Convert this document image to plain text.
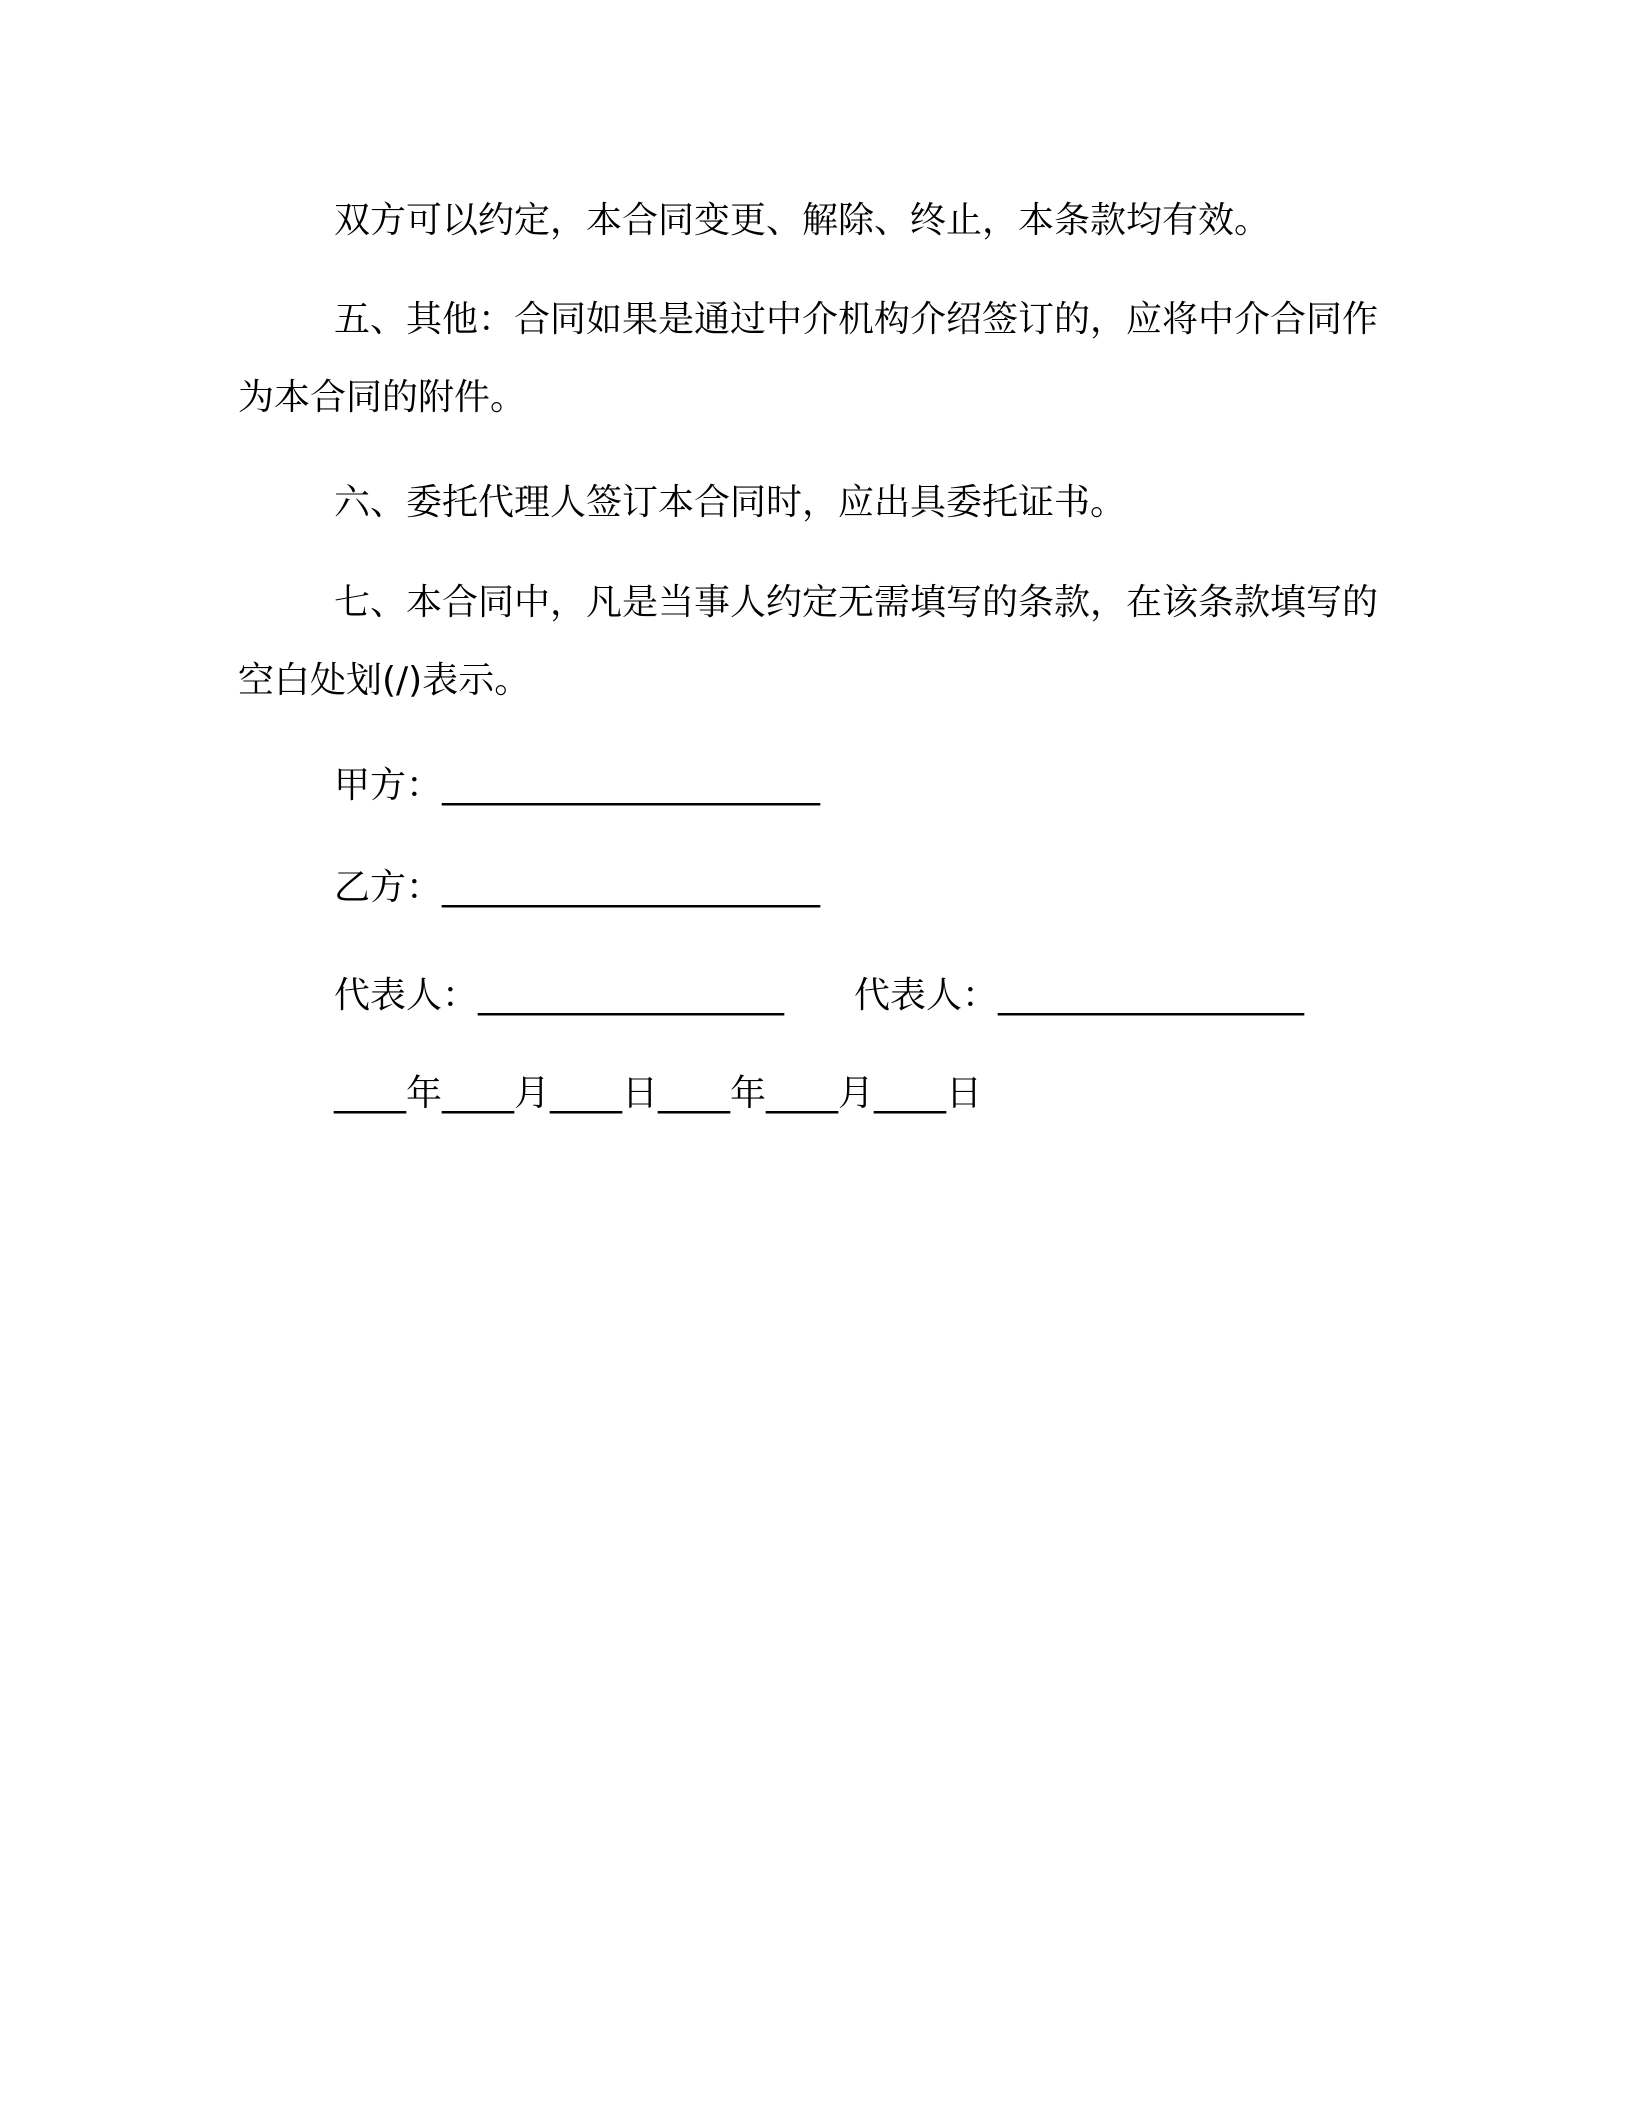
双方可以约定，本合同变更、解除、终止，本条款均有效。
五、其他：合同如果是通过中介机构介绍签订的，应将中介合同作为本合同的附件。
六、委托代理人签订本合同时，应出具委托证书。
七、本合同中，凡是当事人约定无需填写的条款，在该条款填写的空白处划(/)表示。
甲方：_____________________
乙方：_____________________
代表人：_________________ 代表人：_________________
____年____月____日____年____月____日
